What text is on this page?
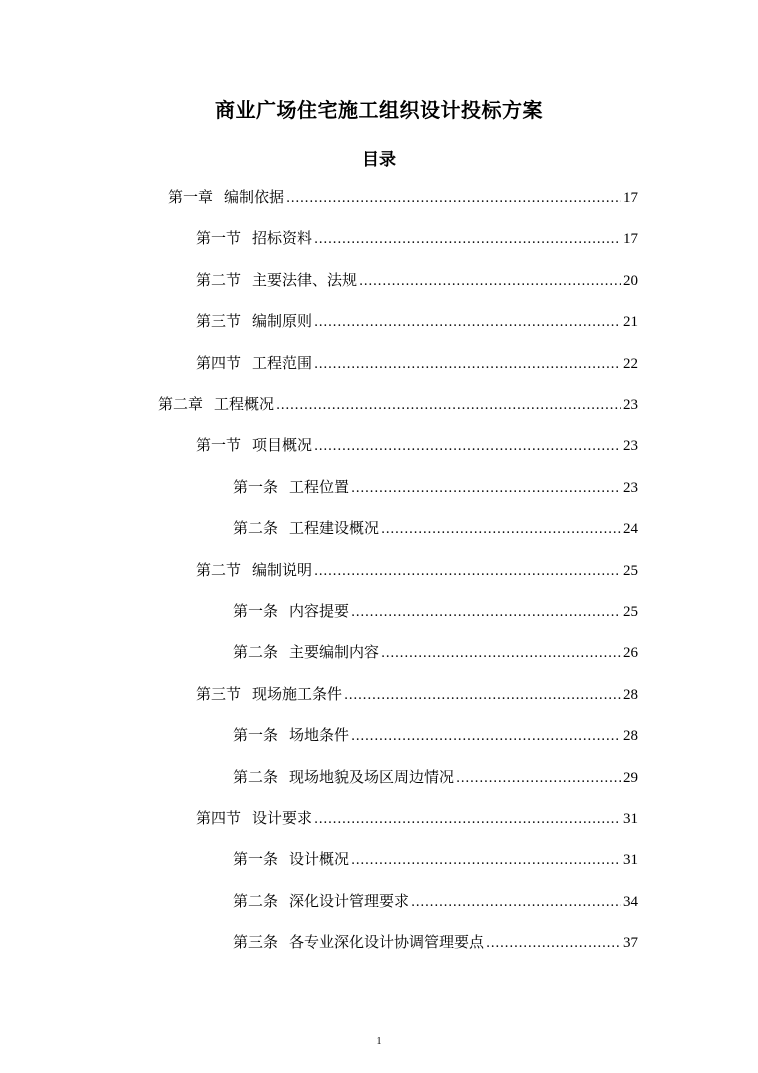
商业广场住宅施工组织设计投标方案
目录
第一章 编制依据 .....	17
第一节 招标资料 .....	17
第二节 主要法律、法规 .....	20
第三节 编制原则 .....	21
第四节 工程范围 .....	22
第二章 工程概况 .....	23
第一节 项目概况 .....	23
第一条 工程位置 .....	23
第二条 工程建设概况 .....	24
第二节 编制说明 .....	25
第一条 内容提要 .....	25
第二条 主要编制内容 .....	26
第三节 现场施工条件 .....	28
第一条 场地条件 .....	28
第二条 现场地貌及场区周边情况 .....	29
第四节 设计要求 .....	31
第一条 设计概况 .....	31
第二条 深化设计管理要求 .....	34
第三条 各专业深化设计协调管理要点 .....	37
1
